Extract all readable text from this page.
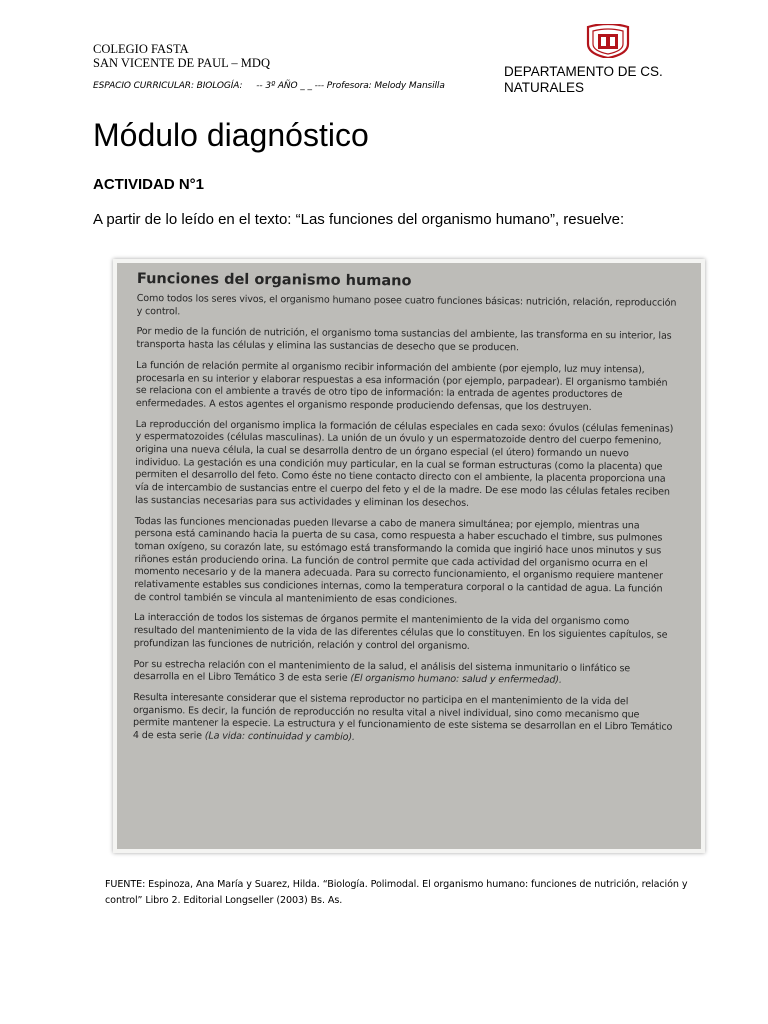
COLEGIO FASTA
SAN VICENTE DE PAUL – MDQ
ESPACIO CURRICULAR: BIOLOGÍA:     -- 3º AÑO _ _ --- Profesora: Melody Mansilla
DEPARTAMENTO DE CS.
NATURALES
Módulo diagnóstico
ACTIVIDAD N°1

A partir de lo leído en el texto: “Las funciones del organismo humano”, resuelve:

Funciones del organismo humano

Como todos los seres vivos, el organismo humano posee cuatro funciones básicas: nutrición, relación, reproducción y control.

Por medio de la función de nutrición, el organismo toma sustancias del ambiente, las transforma en su interior, las transporta hasta las células y elimina las sustancias de desecho que se producen.

La función de relación permite al organismo recibir información del ambiente (por ejemplo, luz muy intensa), procesarla en su interior y elaborar respuestas a esa información (por ejemplo, parpadear). El organismo también se relaciona con el ambiente a través de otro tipo de información: la entrada de agentes productores de enfermedades. A estos agentes el organismo responde produciendo defensas, que los destruyen.

La reproducción del organismo implica la formación de células especiales en cada sexo: óvulos (células femeninas) y espermatozoides (células masculinas). La unión de un óvulo y un espermatozoide dentro del cuerpo femenino, origina una nueva célula, la cual se desarrolla dentro de un órgano especial (el útero) formando un nuevo individuo. La gestación es una condición muy particular, en la cual se forman estructuras (como la placenta) que permiten el desarrollo del feto. Como éste no tiene contacto directo con el ambiente, la placenta proporciona una vía de intercambio de sustancias entre el cuerpo del feto y el de la madre. De ese modo las células fetales reciben las sustancias necesarias para sus actividades y eliminan los desechos.

Todas las funciones mencionadas pueden llevarse a cabo de manera simultánea; por ejemplo, mientras una persona está caminando hacia la puerta de su casa, como respuesta a haber escuchado el timbre, sus pulmones toman oxígeno, su corazón late, su estómago está transformando la comida que ingirió hace unos minutos y sus riñones están produciendo orina. La función de control permite que cada actividad del organismo ocurra en el momento necesario y de la manera adecuada. Para su correcto funcionamiento, el organismo requiere mantener relativamente estables sus condiciones internas, como la temperatura corporal o la cantidad de agua. La función de control también se vincula al mantenimiento de esas condiciones.

La interacción de todos los sistemas de órganos permite el mantenimiento de la vida del organismo como resultado del mantenimiento de la vida de las diferentes células que lo constituyen. En los siguientes capítulos, se profundizan las funciones de nutrición, relación y control del organismo.

Por su estrecha relación con el mantenimiento de la salud, el análisis del sistema inmunitario o linfático se desarrolla en el Libro Temático 3 de esta serie (El organismo humano: salud y enfermedad).

Resulta interesante considerar que el sistema reproductor no participa en el mantenimiento de la vida del organismo. Es decir, la función de reproducción no resulta vital a nivel individual, sino como mecanismo que permite mantener la especie. La estructura y el funcionamiento de este sistema se desarrollan en el Libro Temático 4 de esta serie (La vida: continuidad y cambio).

FUENTE: Espinoza, Ana María y Suarez, Hilda. “Biología. Polimodal. El organismo humano: funciones de nutrición, relación y control” Libro 2. Editorial Longseller (2003) Bs. As.
